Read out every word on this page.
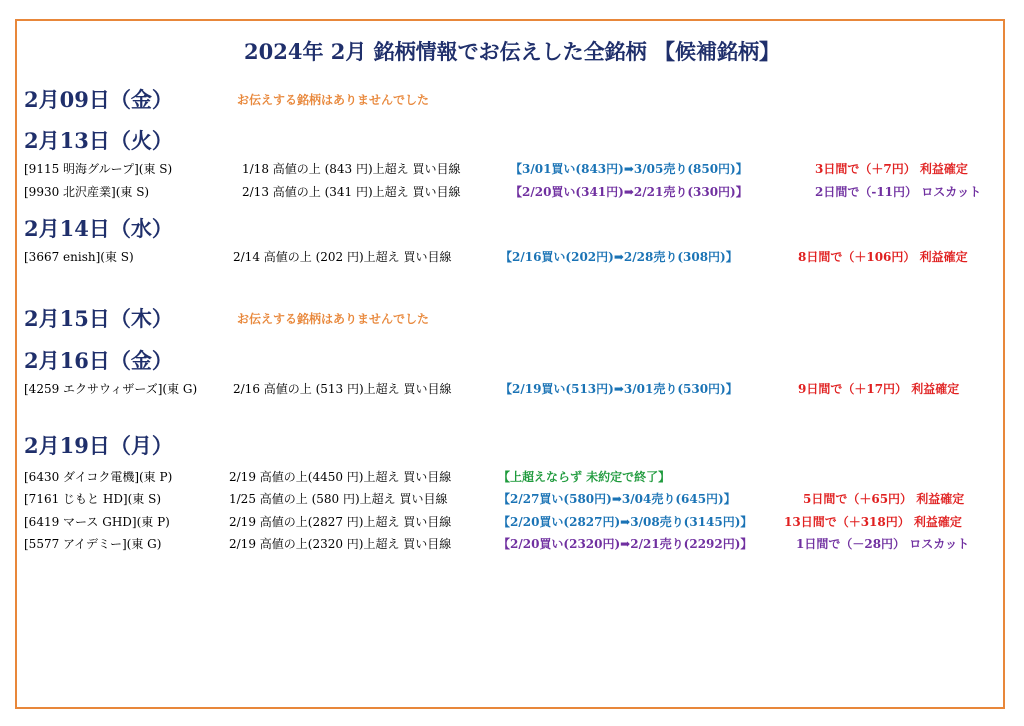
2024年 2月 銘柄情報でお伝えした全銘柄 【候補銘柄】
2月09日（金）	お伝えする銘柄はありませんでした
2月13日（火）
[9115 明海グループ](東 S)	1/18 高値の上 (843 円)上超え 買い目線	【3/01買い(843円)➡3/05売り(850円)】	3日間で（＋7円） 利益確定
[9930 北沢産業](東 S)	2/13 高値の上 (341 円)上超え 買い目線	【2/20買い(341円)➡2/21売り(330円)】	2日間で（-11円） ロスカット
2月14日（水）
[3667 enish](東 S)	2/14 高値の上 (202 円)上超え 買い目線	【2/16買い(202円)➡2/28売り(308円)】	8日間で（＋106円） 利益確定
2月15日（木）	お伝えする銘柄はありませんでした
2月16日（金）
[4259 エクサウィザーズ](東 G)	2/16 高値の上 (513 円)上超え 買い目線	【2/19買い(513円)➡3/01売り(530円)】	9日間で（＋17円） 利益確定
2月19日（月）
[6430 ダイコク電機](東 P)	2/19 高値の上(4450 円)上超え 買い目線	【上超えならず 未約定で終了】
[7161 じもと HD](東 S)	1/25 高値の上 (580 円)上超え 買い目線	【2/27買い(580円)➡3/04売り(645円)】	5日間で（＋65円） 利益確定
[6419 マース GHD](東 P)	2/19 高値の上(2827 円)上超え 買い目線	【2/20買い(2827円)➡3/08売り(3145円)】	13日間で（＋318円） 利益確定
[5577 アイデミー](東 G)	2/19 高値の上(2320 円)上超え 買い目線	【2/20買い(2320円)➡2/21売り(2292円)】	1日間で（－28円） ロスカット
